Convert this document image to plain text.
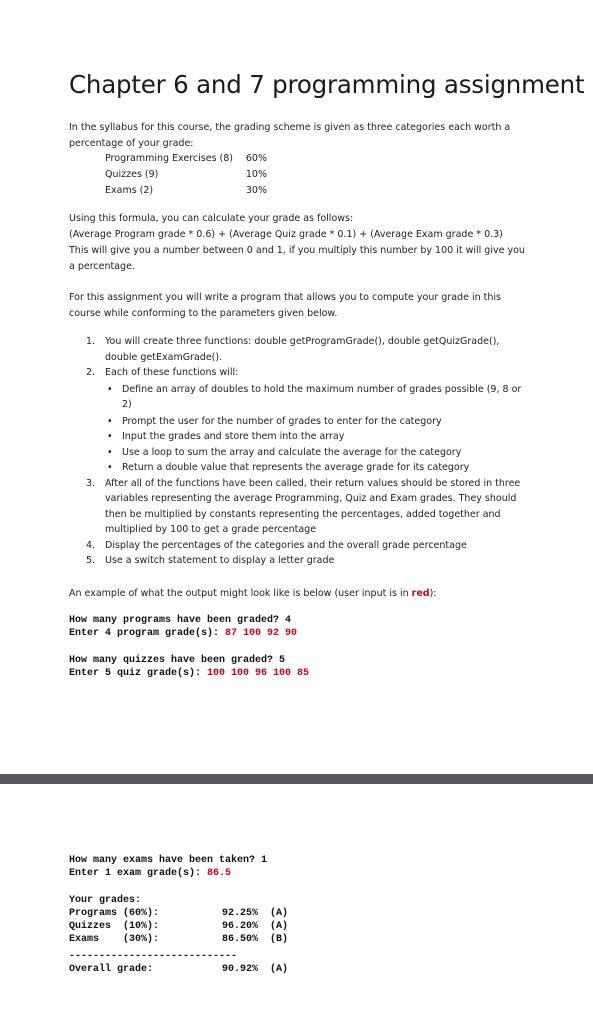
Chapter 6 and 7 programming assignment

In the syllabus for this course, the grading scheme is given as three categories each worth a percentage of your grade:

Programming Exercises (8)	60%
Quizzes (9)	10%
Exams (2)	30%
Using this formula, you can calculate your grade as follows:
(Average Program grade * 0.6) + (Average Quiz grade * 0.1) + (Average Exam grade * 0.3)
This will give you a number between 0 and 1, if you multiply this number by 100 it will give you a percentage.

For this assignment you will write a program that allows you to compute your grade in this course while conforming to the parameters given below.

1. You will create three functions: double getProgramGrade(), double getQuizGrade(), double getExamGrade().
2. Each of these functions will:
• Define an array of doubles to hold the maximum number of grades possible (9, 8 or 2)
• Prompt the user for the number of grades to enter for the category
• Input the grades and store them into the array
• Use a loop to sum the array and calculate the average for the category
• Return a double value that represents the average grade for its category
3. After all of the functions have been called, their return values should be stored in three variables representing the average Programming, Quiz and Exam grades. They should then be multiplied by constants representing the percentages, added together and multiplied by 100 to get a grade percentage
4. Display the percentages of the categories and the overall grade percentage
5. Use a switch statement to display a letter grade

An example of what the output might look like is below (user input is in red):

How many programs have been graded? 4
Enter 4 program grade(s): 87 100 92 90
How many quizzes have been graded? 5
Enter 5 quiz grade(s): 100 100 96 100 85
How many exams have been taken? 1
Enter 1 exam grade(s): 86.5
Your grades:
Programs (60%):	92.25%	(A)
Quizzes  (10%):	96.20%	(A)
Exams    (30%):	86.50%	(B)
----------------------------
Overall grade:	90.92%	(A)
